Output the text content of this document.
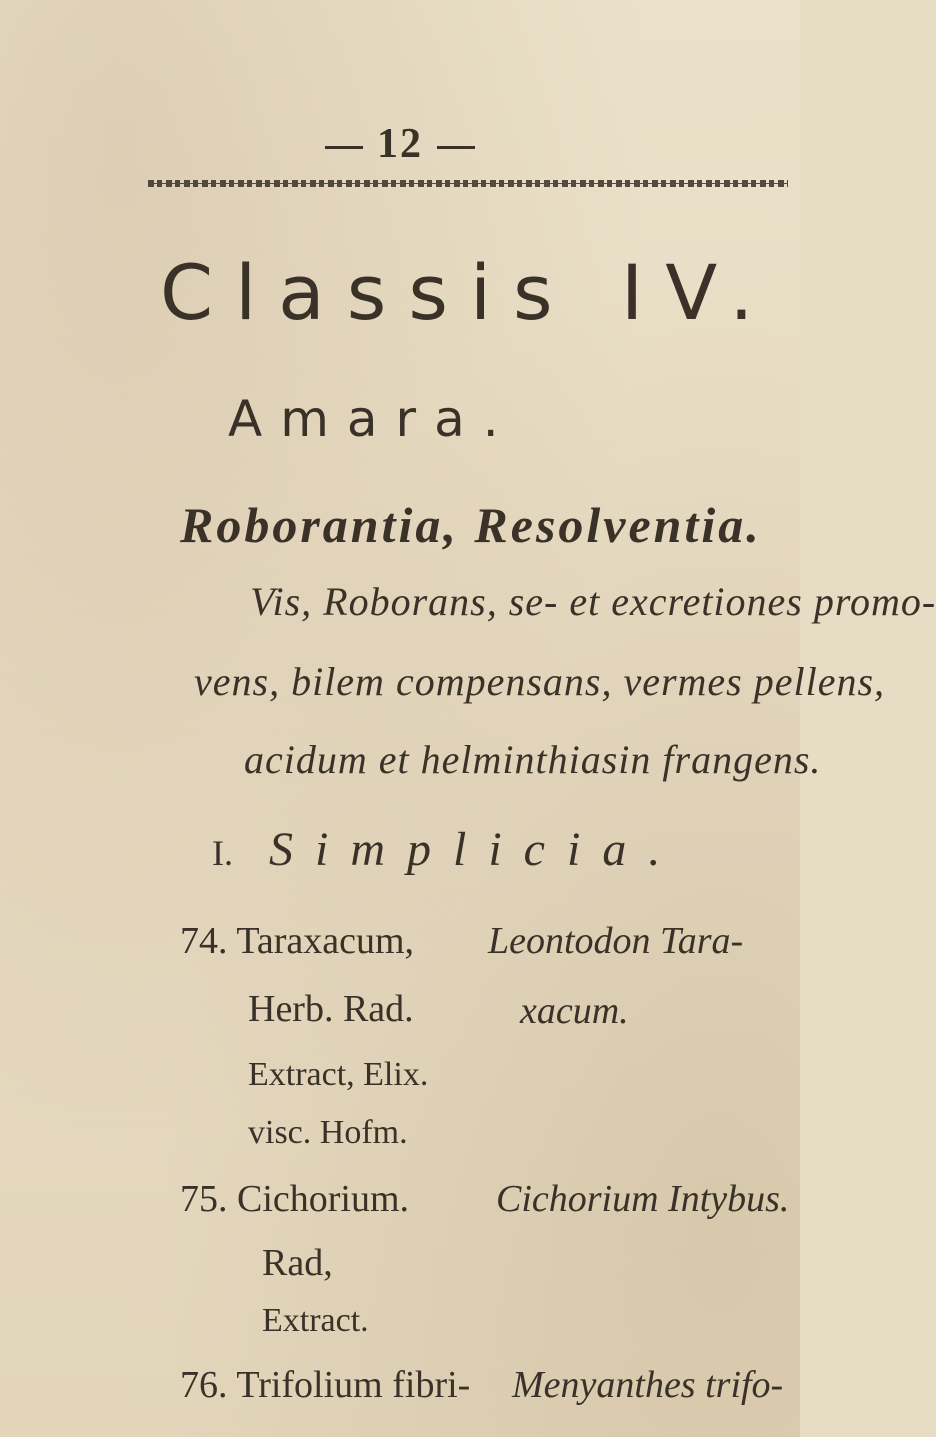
12
Classis IV.
Amara.
Roborantia, Resolventia.
Vis, Roborans, se- et excretiones promo-
vens, bilem compensans, vermes pellens,
acidum et helminthiasin frangens.
I. Simplicia.
74. Taraxacum,
Herb. Rad.
Extract, Elix.
visc. Hofm.
Leontodon Tara-
xacum.
75. Cichorium.
Rad,
Extract.
Cichorium Intybus.
76. Trifolium fibri- Menyanthes trifo-
